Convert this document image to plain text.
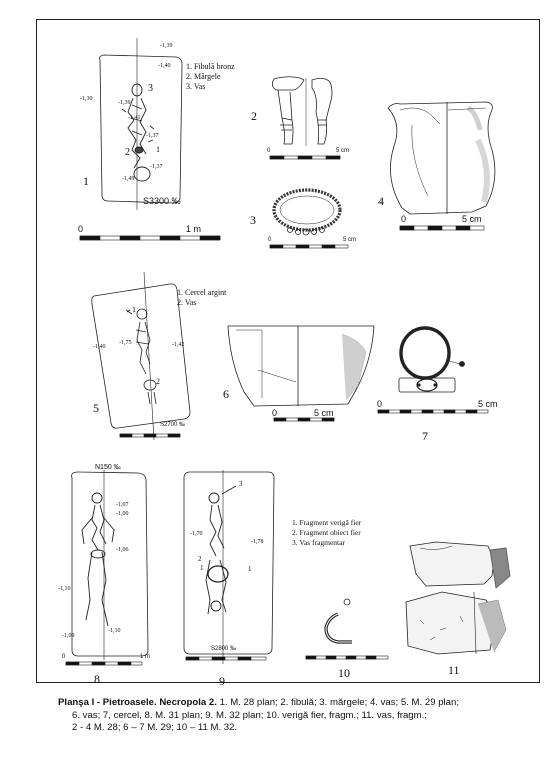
1. Fibulă bronz
2. Mărgele
3. Vas
-1,39
-1,40
-1,30
-1,39
-1,41
-1,37
-1,49
-1,37
3
2	1
S3300 ‰
1
0	1 m
2
0	5 cm
3
0	5 cm
4
0	5 cm
1. Cercel argint
2. Vas
-1,75
-1,40	-1,42
1
2
S2700 ‰
5
6
0	5 cm
0	5 cm
7
N150 ‰
-1,07
-1,00
-1,06
-1,10
-1,10
-1,09
8
0	1 m
-1,70
-1,78
3
2
1	1
S2800 ‰
9
1. Fragment verigă fier
2. Fragment obiect fier
3. Vas fragmentar
10	11
Planşa I - Pietroasele. Necropola 2. 1. M. 28 plan; 2. fibulă; 3. mărgele; 4. vas; 5. M. 29 plan;
6. vas; 7, cercel, 8. M. 31 plan; 9. M. 32 plan; 10. verigă fier, fragm.; 11. vas, fragm.;
2 - 4 M. 28; 6 – 7 M. 29; 10 – 11 M. 32.
